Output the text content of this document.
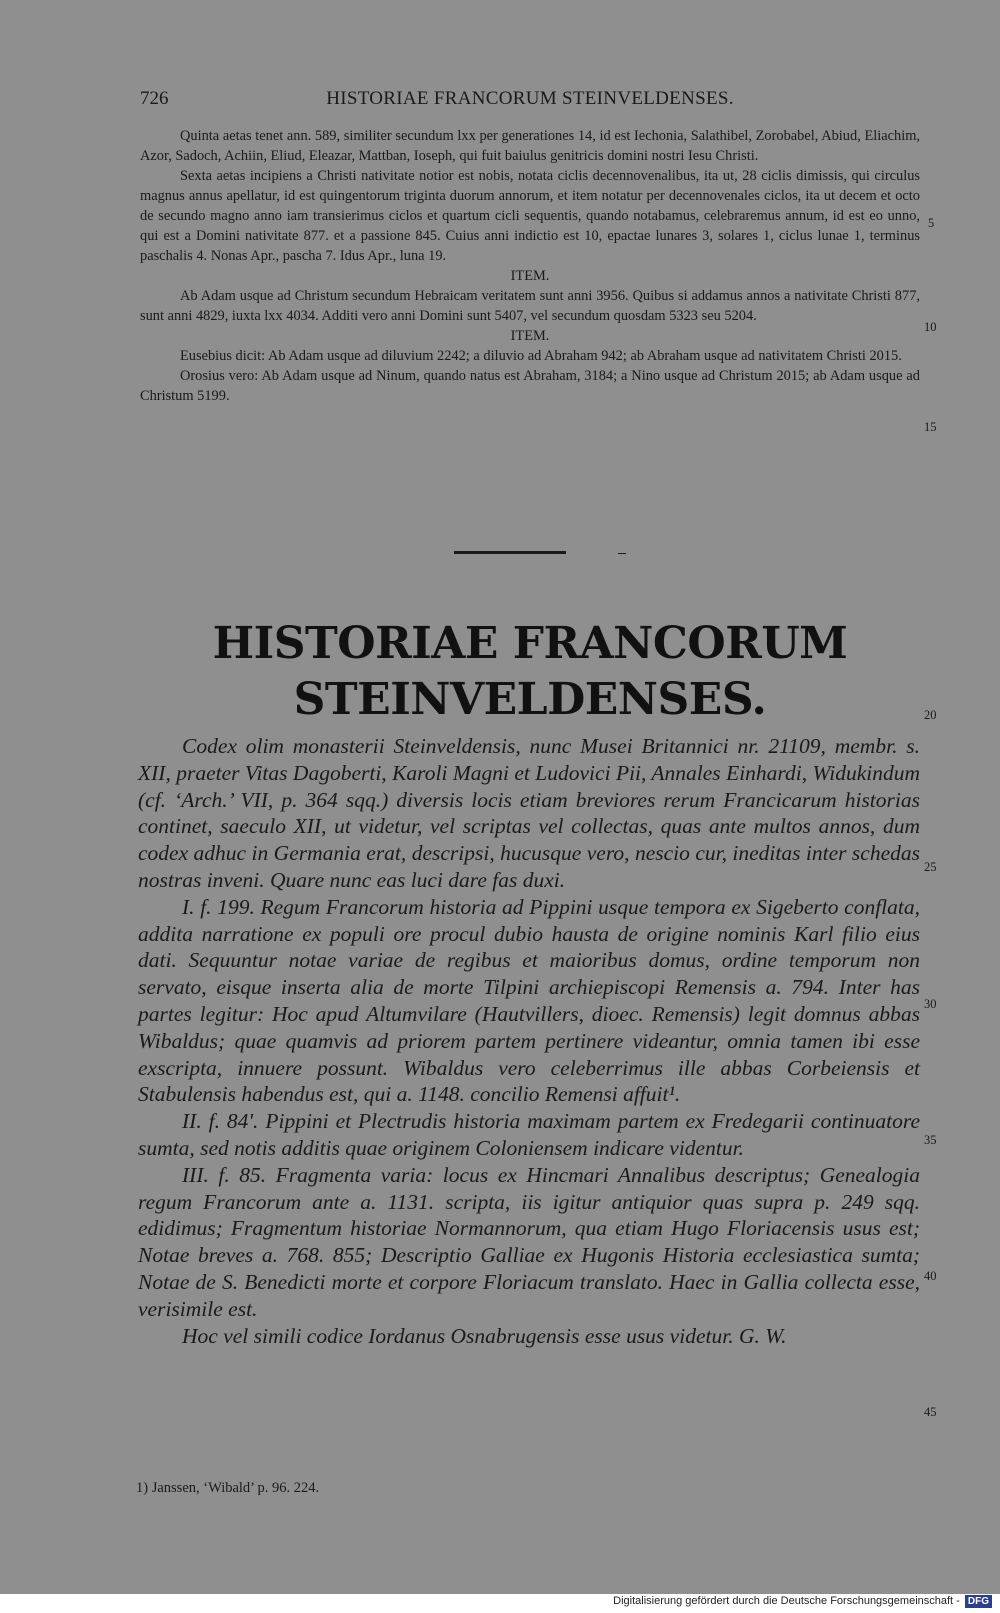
726	HISTORIAE FRANCORUM STEINVELDENSES.

Quinta aetas tenet ann. 589, similiter secundum lxx per generationes 14, id est Iechonia, Salathibel, Zorobabel, Abiud, Eliachim, Azor, Sadoch, Achiin, Eliud, Eleazar, Mattban, Ioseph, qui fuit baiulus genitricis domini nostri Iesu Christi.

Sexta aetas incipiens a Christi nativitate notior est nobis, notata ciclis decennovenalibus, ita ut, 28 ciclis dimissis, qui circulus magnus annus apellatur, id est quingentorum triginta duorum annorum, et item notatur per decennovenales ciclos, ita ut decem et octo de secundo magno anno iam transierimus ciclos et quartum cicli sequentis, quando notabamus, celebraremus annum, id est eo unno, qui est a Domini nativitate 877. et a passione 845. Cuius anni indictio est 10, epactae lunares 3, solares 1, ciclus lunae 1, terminus paschalis 4. Nonas Apr., pascha 7. Idus Apr., luna 19.

ITEM.

Ab Adam usque ad Christum secundum Hebraicam veritatem sunt anni 3956. Quibus si addamus annos a nativitate Christi 877, sunt anni 4829, iuxta lxx 4034. Additi vero anni Domini sunt 5407, vel secundum quosdam 5323 seu 5204.

ITEM.

Eusebius dicit: Ab Adam usque ad diluvium 2242; a diluvio ad Abraham 942; ab Abraham usque ad nativitatem Christi 2015.

Orosius vero: Ab Adam usque ad Ninum, quando natus est Abraham, 3184; a Nino usque ad Christum 2015; ab Adam usque ad Christum 5199.

5
10
15
HISTORIAE FRANCORUM
STEINVELDENSES.	20

Codex olim monasterii Steinveldensis, nunc Musei Britannici nr. 21109, membr. s. XII, praeter Vitas Dagoberti, Karoli Magni et Ludovici Pii, Annales Einhardi, Widukindum (cf. ‘Arch.’ VII, p. 364 sqq.) diversis locis etiam breviores rerum Francicarum historias continet, saeculo XII, ut videtur, vel scriptas vel collectas, quas ante multos annos, dum codex adhuc in Germania erat, descripsi, hucusque vero, nescio cur, ineditas inter schedas nostras inveni. Quare nunc eas luci dare fas duxi.

I. f. 199. Regum Francorum historia ad Pippini usque tempora ex Sigeberto conflata, addita narratione ex populi ore procul dubio hausta de origine nominis Karl filio eius dati. Sequuntur notae variae de regibus et maioribus domus, ordine temporum non servato, eisque inserta alia de morte Tilpini archiepiscopi Remensis a. 794. Inter has partes legitur: Hoc apud Altumvilare (Hautvillers, dioec. Remensis) legit domnus abbas Wibaldus; quae quamvis ad priorem partem pertinere videantur, omnia tamen ibi esse exscripta, innuere possunt. Wibaldus vero celeberrimus ille abbas Corbeiensis et Stabulensis habendus est, qui a. 1148. concilio Remensi affuit¹.

II. f. 84'. Pippini et Plectrudis historia maximam partem ex Fredegarii continuatore sumta, sed notis additis quae originem Coloniensem indicare videntur.

III. f. 85. Fragmenta varia: locus ex Hincmari Annalibus descriptus; Genealogia regum Francorum ante a. 1131. scripta, iis igitur antiquior quas supra p. 249 sqq. edidimus; Fragmentum historiae Normannorum, qua etiam Hugo Floriacensis usus est; Notae breves a. 768. 855; Descriptio Galliae ex Hugonis Historia ecclesiastica sumta; Notae de S. Benedicti morte et corpore Floriacum translato. Haec in Gallia collecta esse, verisimile est.

Hoc vel simili codice Iordanus Osnabrugensis esse usus videtur. G. W.

25
30
35
40
45
1) Janssen, ‘Wibald’ p. 96. 224.
Digitalisierung gefördert durch die Deutsche Forschungsgemeinschaft - DFG
